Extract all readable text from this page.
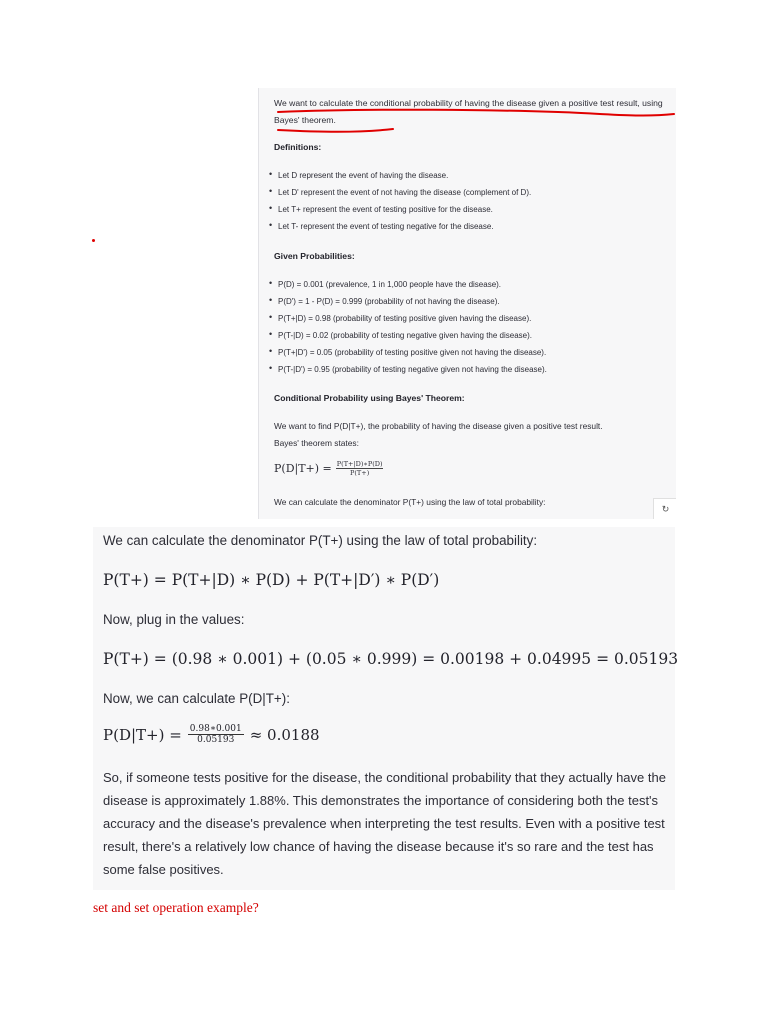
We want to calculate the conditional probability of having the disease given a positive test result, using Bayes' theorem.
Definitions:
• Let D represent the event of having the disease.
• Let D' represent the event of not having the disease (complement of D).
• Let T+ represent the event of testing positive for the disease.
• Let T- represent the event of testing negative for the disease.
Given Probabilities:
• P(D) = 0.001 (prevalence, 1 in 1,000 people have the disease).
• P(D') = 1 - P(D) = 0.999 (probability of not having the disease).
• P(T+|D) = 0.98 (probability of testing positive given having the disease).
• P(T-|D) = 0.02 (probability of testing negative given having the disease).
• P(T+|D') = 0.05 (probability of testing positive given not having the disease).
• P(T-|D') = 0.95 (probability of testing negative given not having the disease).
Conditional Probability using Bayes' Theorem:
We want to find P(D|T+), the probability of having the disease given a positive test result.
Bayes' theorem states:
$P(D|T+) = \frac{P(T+|D)∗P(D)}{P(T+)}$
We can calculate the denominator P(T+) using the law of total probability:
↻
We can calculate the denominator P(T+) using the law of total probability:
P(T+) = P(T+|D) ∗ P(D) + P(T+|D′) ∗ P(D′)
Now, plug in the values:
P(T+) = (0.98 ∗ 0.001) + (0.05 ∗ 0.999) = 0.00198 + 0.04995 = 0.05193
Now, we can calculate P(D|T+):
$P(D|T+) = \frac{0.98∗0.001}{0.05193} \approx 0.0188$
So, if someone tests positive for the disease, the conditional probability that they actually have the disease is approximately 1.88%. This demonstrates the importance of considering both the test's accuracy and the disease's prevalence when interpreting the test results. Even with a positive test result, there's a relatively low chance of having the disease because it's so rare and the test has some false positives.
set and set operation example?
